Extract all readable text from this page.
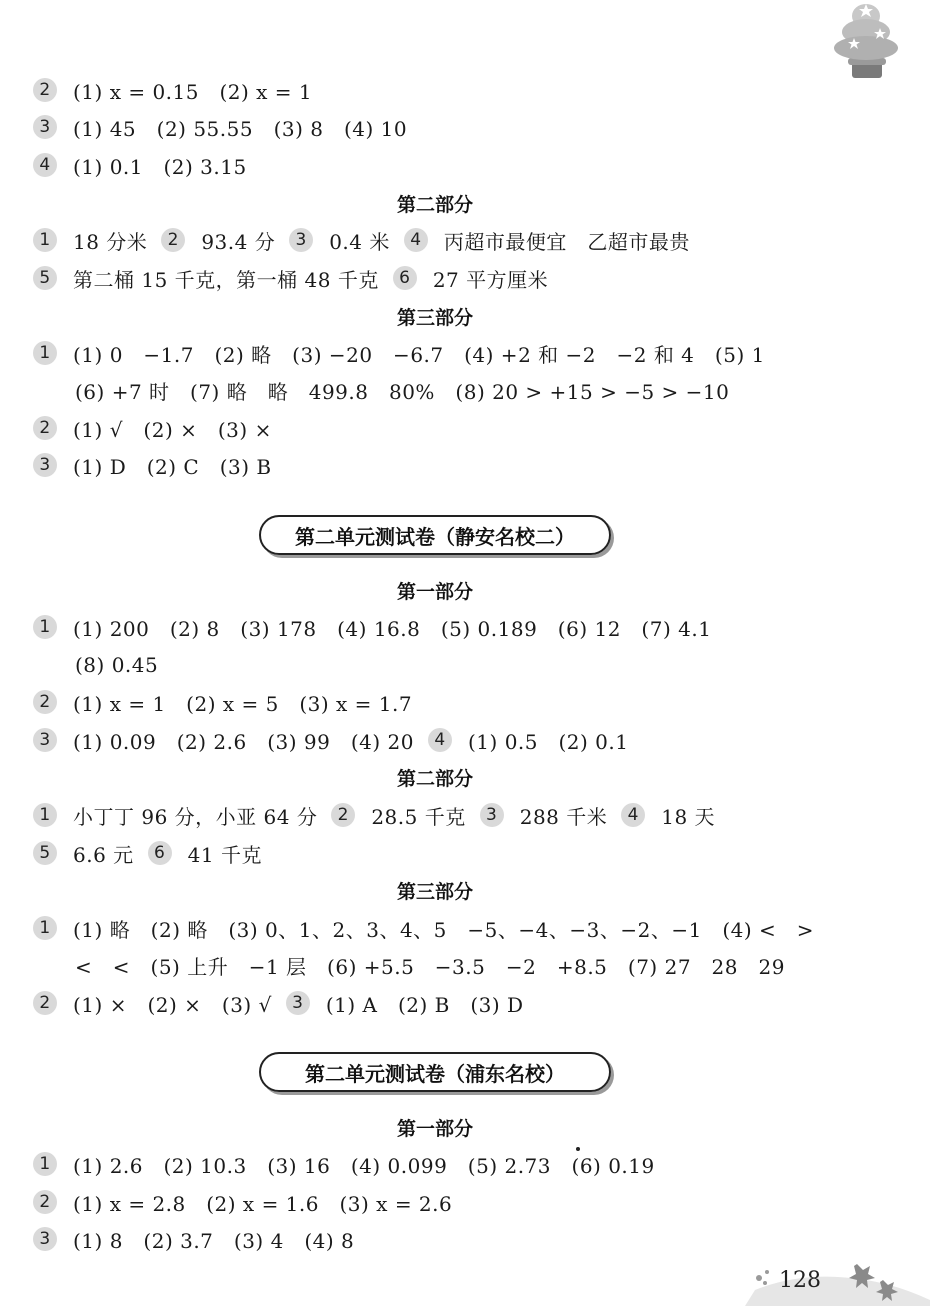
2	(1) x = 0.15　(2) x = 1
3	(1) 45　(2) 55.55　(3) 8　(4) 10
4	(1) 0.1　(2) 3.15
第二部分
1	18 分米	2	93.4 分	3	0.4 米	4	丙超市最便宜　乙超市最贵
5	第二桶 15 千克，第一桶 48 千克	6	27 平方厘米
第三部分
1	(1) 0　−1.7　(2) 略　(3) −20　−6.7　(4) +2 和 −2　−2 和 4　(5) 1
(6) +7 时　(7) 略　略　499.8　80%　(8) 20 > +15 > −5 > −10
2	(1) √　(2) ×　(3) ×
3	(1) D　(2) C　(3) B
第二单元测试卷（静安名校二）
第一部分
1	(1) 200　(2) 8　(3) 178　(4) 16.8　(5) 0.189　(6) 12　(7) 4.1
(8) 0.45
2	(1) x = 1　(2) x = 5　(3) x = 1.7
3	(1) 0.09　(2) 2.6　(3) 99　(4) 20	4	(1) 0.5　(2) 0.1
第二部分
1	小丁丁 96 分，小亚 64 分	2	28.5 千克	3	288 千米	4	18 天
5	6.6 元	6	41 千克
第三部分
1	(1) 略　(2) 略　(3) 0、1、2、3、4、5　−5、−4、−3、−2、−1　(4) <　>
<　<　(5) 上升　−1 层　(6) +5.5　−3.5　−2　+8.5　(7) 27　28　29
2	(1) ×　(2) ×　(3) √	3	(1) A　(2) B　(3) D
第二单元测试卷（浦东名校）
第一部分
1	(1) 2.6　(2) 10.3　(3) 16　(4) 0.099　(5) 2.73　(6) 0.19
2	(1) x = 2.8　(2) x = 1.6　(3) x = 2.6
3	(1) 8　(2) 3.7　(3) 4　(4) 8
128
